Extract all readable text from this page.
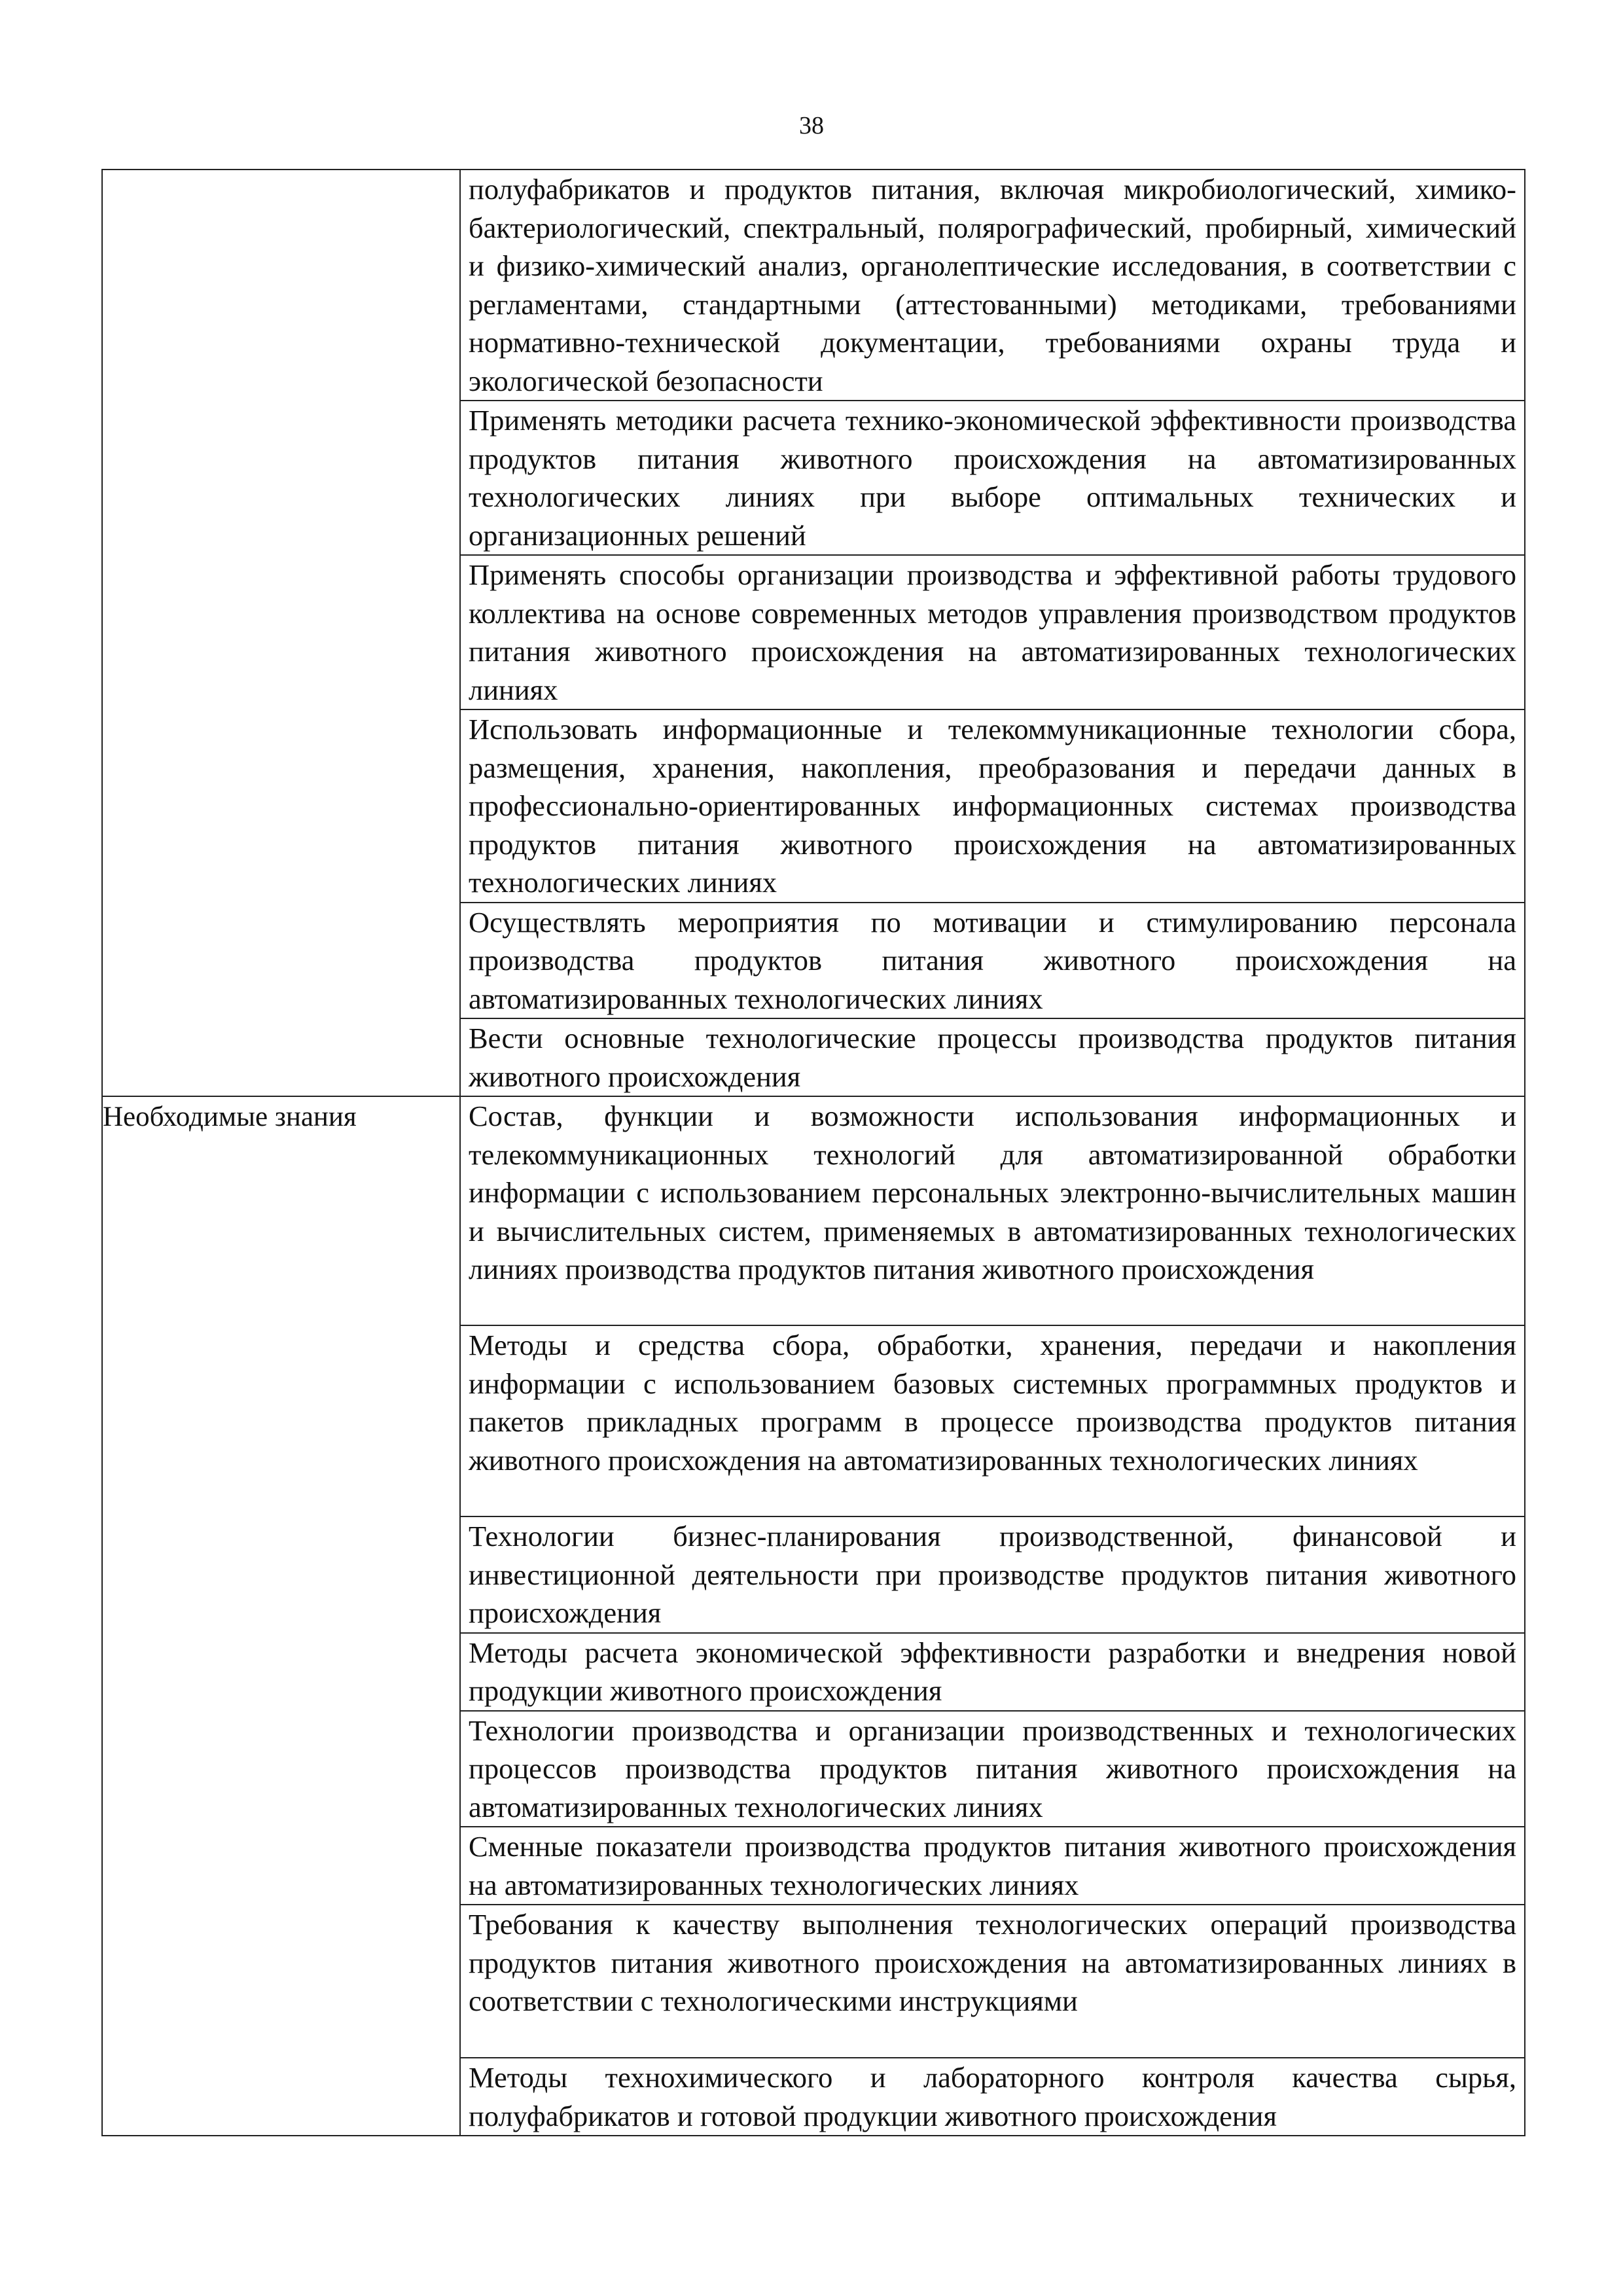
38

	полуфабрикатов и продуктов питания, включая микробиологический, химико-бактериологический, спектральный, полярографический, пробирный, химический и физико-химический анализ, органолептические исследования, в соответствии с регламентами, стандартными (аттестованными) методиками, требованиями нормативно-технической документации, требованиями охраны труда и экологической безопасности

	Применять методики расчета технико-экономической эффективности производства продуктов питания животного происхождения на автоматизированных технологических линиях при выборе оптимальных технических и организационных решений

	Применять способы организации производства и эффективной работы трудового коллектива на основе современных методов управления производством продуктов питания животного происхождения на автоматизированных технологических линиях

	Использовать информационные и телекоммуникационные технологии сбора, размещения, хранения, накопления, преобразования и передачи данных в профессионально-ориентированных информационных системах производства продуктов питания животного происхождения на автоматизированных технологических линиях

	Осуществлять мероприятия по мотивации и стимулированию персонала производства продуктов питания животного происхождения на автоматизированных технологических линиях

	Вести основные технологические процессы производства продуктов питания животного происхождения

Необходимые знания	Состав, функции и возможности использования информационных и телекоммуникационных технологий для автоматизированной обработки информации с использованием персональных электронно-вычислительных машин и вычислительных систем, применяемых в автоматизированных технологических линиях производства продуктов питания животного происхождения

	Методы и средства сбора, обработки, хранения, передачи и накопления информации с использованием базовых системных программных продуктов и пакетов прикладных программ в процессе производства продуктов питания животного происхождения на автоматизированных технологических линиях

	Технологии бизнес-планирования производственной, финансовой и инвестиционной деятельности при производстве продуктов питания животного происхождения

	Методы расчета экономической эффективности разработки и внедрения новой продукции животного происхождения

	Технологии производства и организации производственных и технологических процессов производства продуктов питания животного происхождения на автоматизированных технологических линиях

	Сменные показатели производства продуктов питания животного происхождения на автоматизированных технологических линиях

	Требования к качеству выполнения технологических операций производства продуктов питания животного происхождения на автоматизированных линиях в соответствии с технологическими инструкциями

	Методы технохимического и лабораторного контроля качества сырья, полуфабрикатов и готовой продукции животного происхождения
